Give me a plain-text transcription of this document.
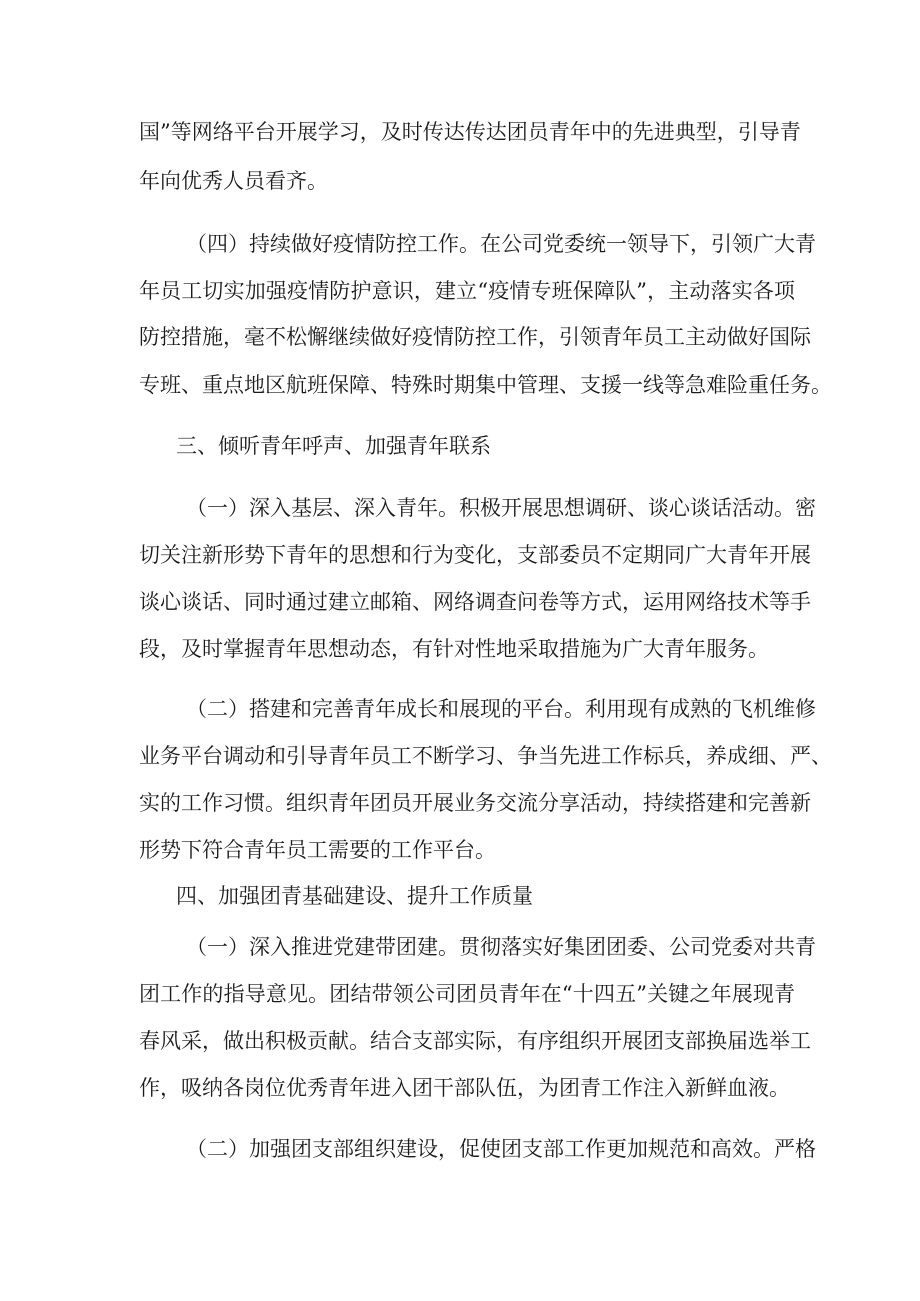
国”等网络平台开展学习，及时传达传达团员青年中的先进典型，引导青
年向优秀人员看齐。
（四）持续做好疫情防控工作。在公司党委统一领导下，引领广大青
年员工切实加强疫情防护意识，建立“疫情专班保障队”，主动落实各项
防控措施，毫不松懈继续做好疫情防控工作，引领青年员工主动做好国际
专班、重点地区航班保障、特殊时期集中管理、支援一线等急难险重任务。
三、倾听青年呼声、加强青年联系
（一）深入基层、深入青年。积极开展思想调研、谈心谈话活动。密
切关注新形势下青年的思想和行为变化，支部委员不定期同广大青年开展
谈心谈话、同时通过建立邮箱、网络调查问卷等方式，运用网络技术等手
段，及时掌握青年思想动态，有针对性地采取措施为广大青年服务。
（二）搭建和完善青年成长和展现的平台。利用现有成熟的飞机维修
业务平台调动和引导青年员工不断学习、争当先进工作标兵，养成细、严、
实的工作习惯。组织青年团员开展业务交流分享活动，持续搭建和完善新
形势下符合青年员工需要的工作平台。
四、加强团青基础建设、提升工作质量
（一）深入推进党建带团建。贯彻落实好集团团委、公司党委对共青
团工作的指导意见。团结带领公司团员青年在“十四五”关键之年展现青
春风采，做出积极贡献。结合支部实际，有序组织开展团支部换届选举工
作，吸纳各岗位优秀青年进入团干部队伍，为团青工作注入新鲜血液。
（二）加强团支部组织建设，促使团支部工作更加规范和高效。严格
